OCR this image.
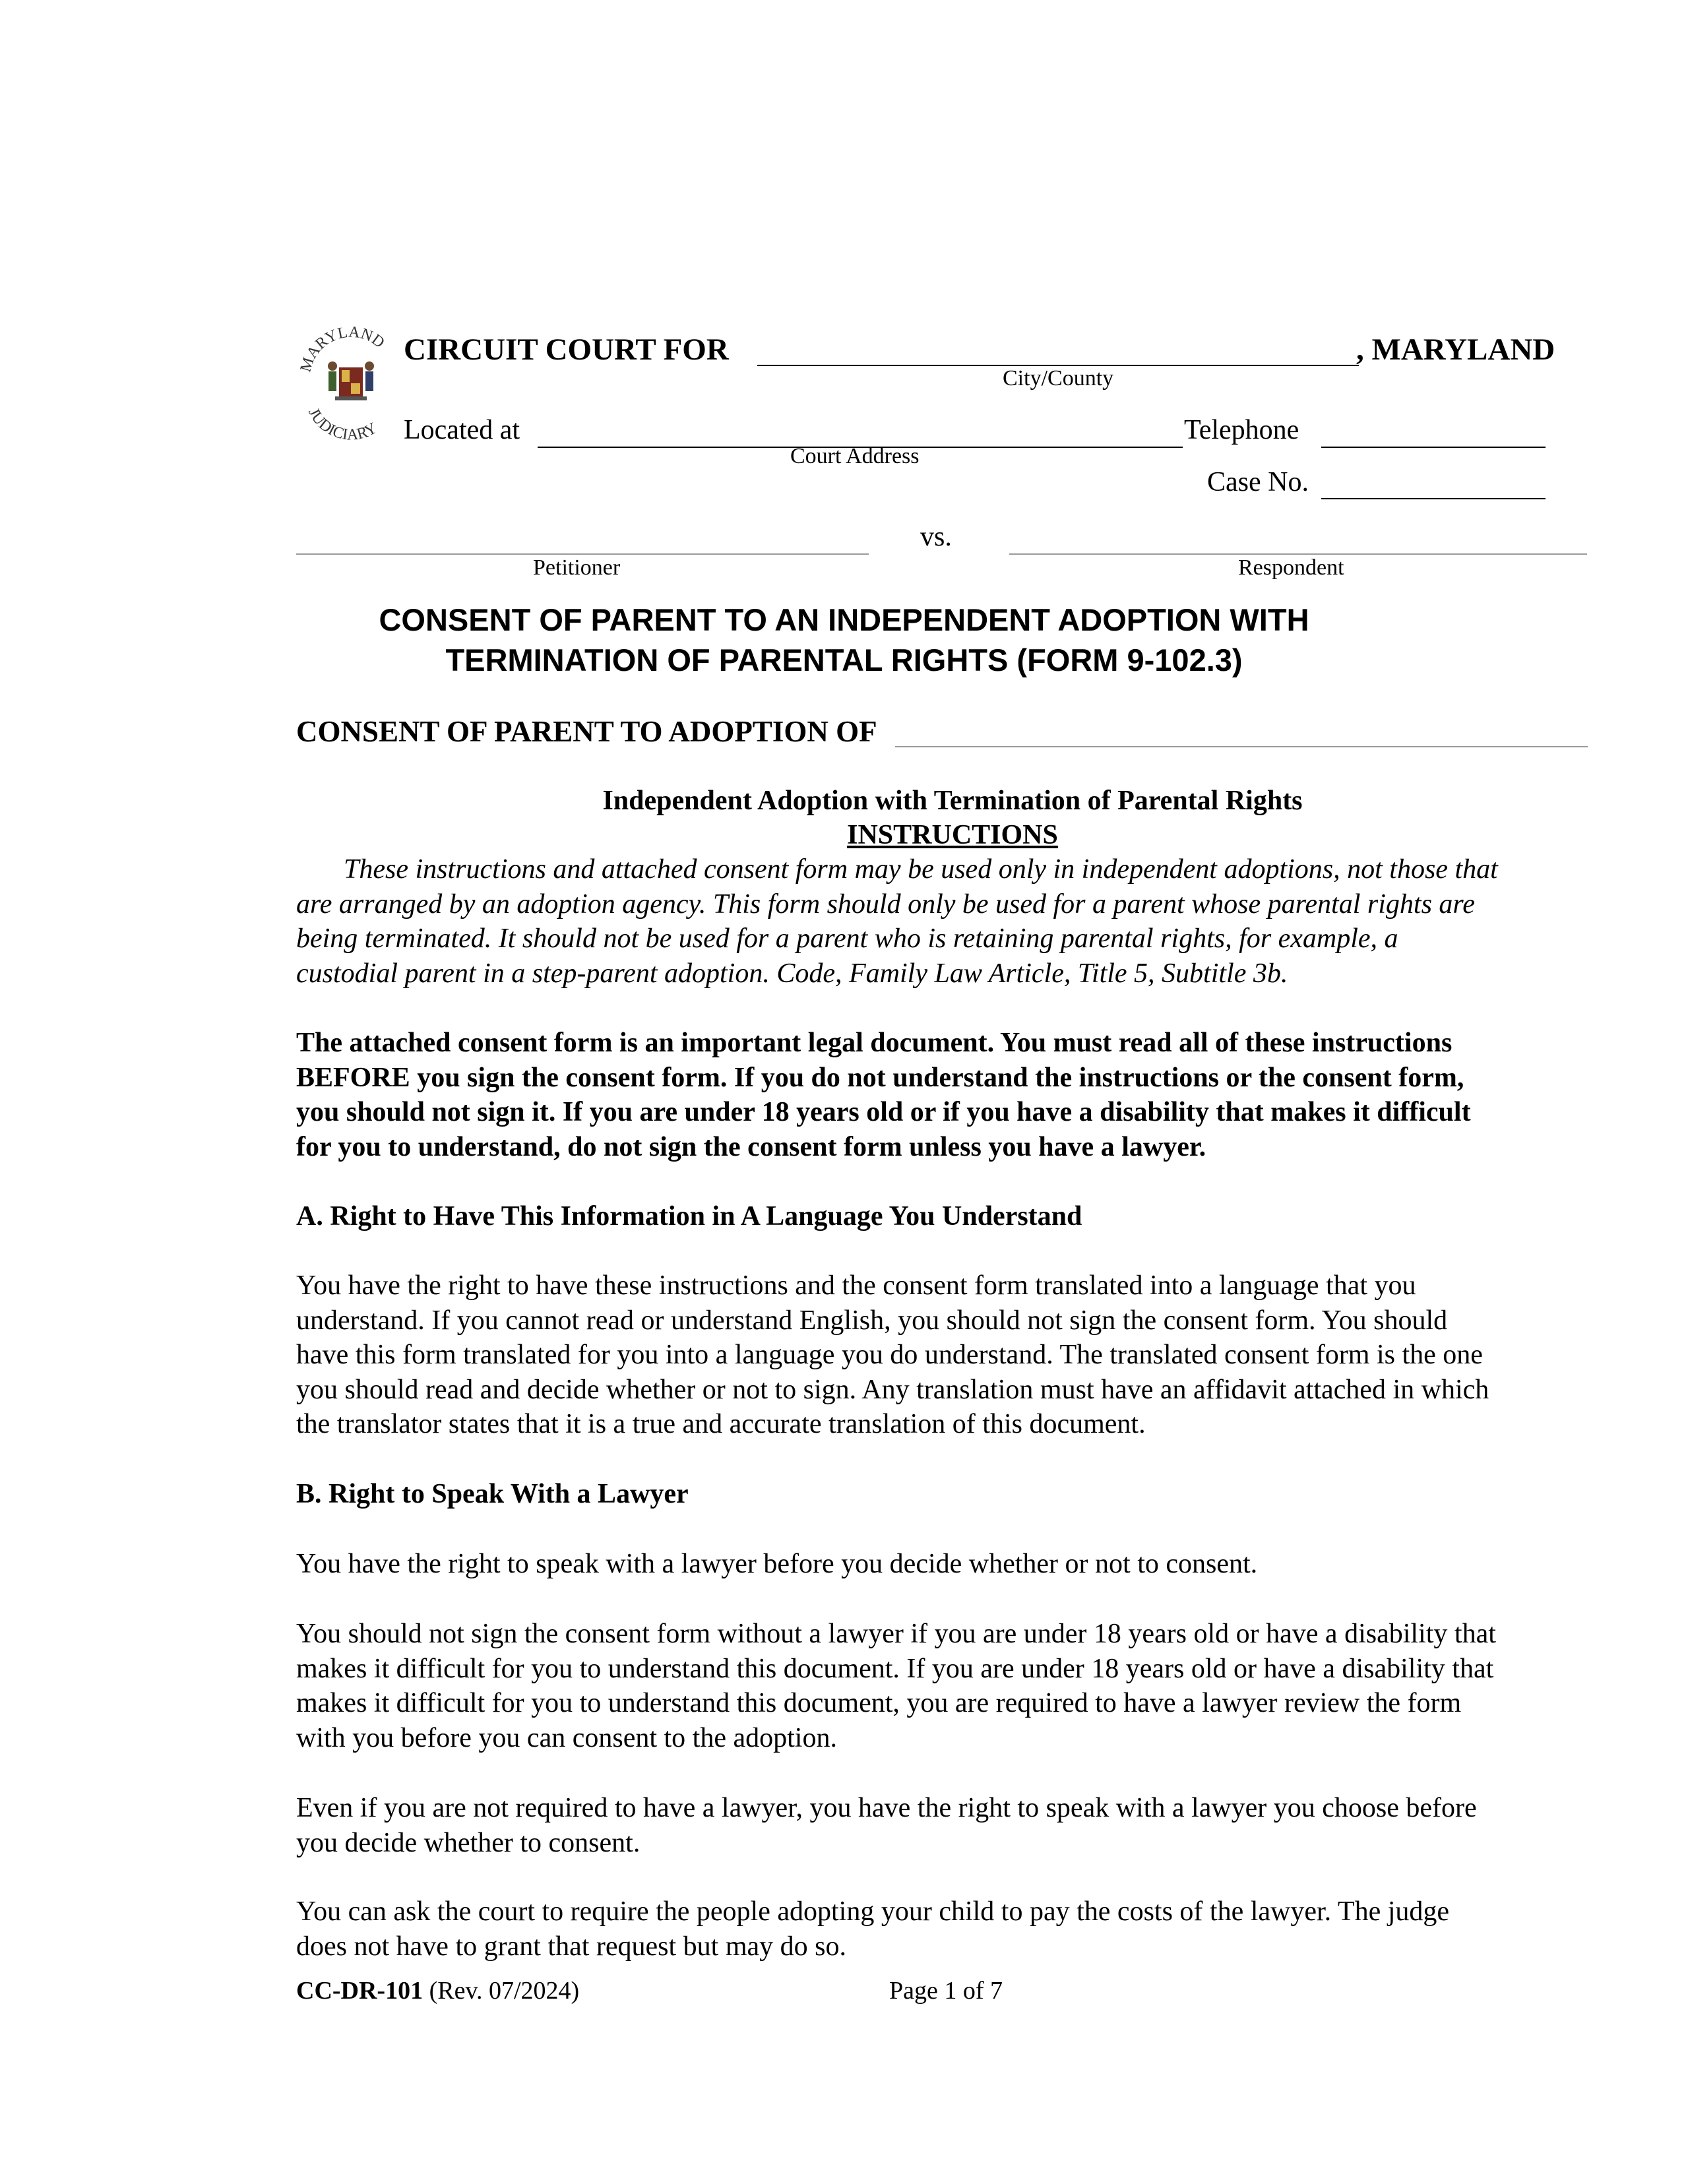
MARYLAND
JUDICIARY
CIRCUIT COURT FOR	, MARYLAND
City/County
Located at
Court Address
Telephone
Case No.
vs.
Petitioner	Respondent
CONSENT OF PARENT TO AN INDEPENDENT ADOPTION WITH
TERMINATION OF PARENTAL RIGHTS (FORM 9-102.3)
CONSENT OF PARENT TO ADOPTION OF
Independent Adoption with Termination of Parental Rights
INSTRUCTIONS
These instructions and attached consent form may be used only in independent adoptions, not those that
are arranged by an adoption agency. This form should only be used for a parent whose parental rights are
being terminated. It should not be used for a parent who is retaining parental rights, for example, a
custodial parent in a step-parent adoption. Code, Family Law Article, Title 5, Subtitle 3b.
The attached consent form is an important legal document. You must read all of these instructions
BEFORE you sign the consent form. If you do not understand the instructions or the consent form,
you should not sign it. If you are under 18 years old or if you have a disability that makes it difficult
for you to understand, do not sign the consent form unless you have a lawyer.
A. Right to Have This Information in A Language You Understand
You have the right to have these instructions and the consent form translated into a language that you
understand. If you cannot read or understand English, you should not sign the consent form. You should
have this form translated for you into a language you do understand. The translated consent form is the one
you should read and decide whether or not to sign. Any translation must have an affidavit attached in which
the translator states that it is a true and accurate translation of this document.
B. Right to Speak With a Lawyer
You have the right to speak with a lawyer before you decide whether or not to consent.
You should not sign the consent form without a lawyer if you are under 18 years old or have a disability that
makes it difficult for you to understand this document. If you are under 18 years old or have a disability that
makes it difficult for you to understand this document, you are required to have a lawyer review the form
with you before you can consent to the adoption.
Even if you are not required to have a lawyer, you have the right to speak with a lawyer you choose before
you decide whether to consent.
You can ask the court to require the people adopting your child to pay the costs of the lawyer. The judge
does not have to grant that request but may do so.
CC-DR-101 (Rev. 07/2024)	Page 1 of 7
